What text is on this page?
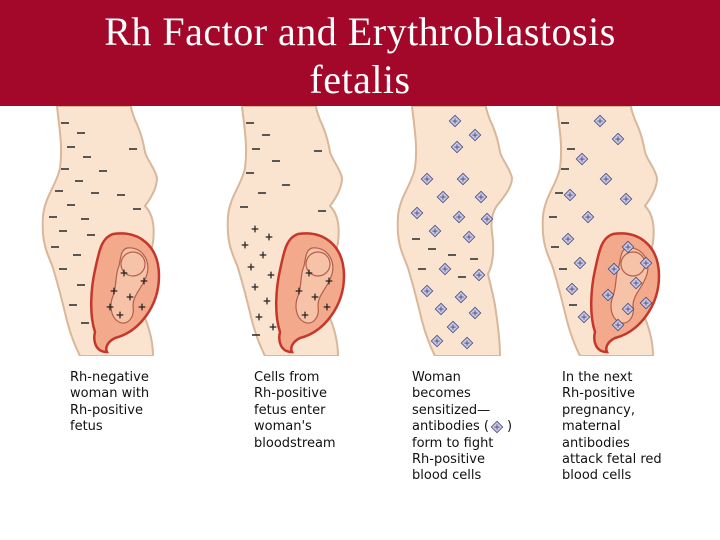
Rh Factor and Erythroblastosis
fetalis
Rh-negative
woman with
Rh-positive
fetus
Cells from
Rh-positive
fetus enter
woman's
bloodstream
Woman
becomes
sensitized—
antibodies ( )
form to fight
Rh-positive
blood cells
In the next
Rh-positive
pregnancy,
maternal
antibodies
attack fetal red
blood cells
